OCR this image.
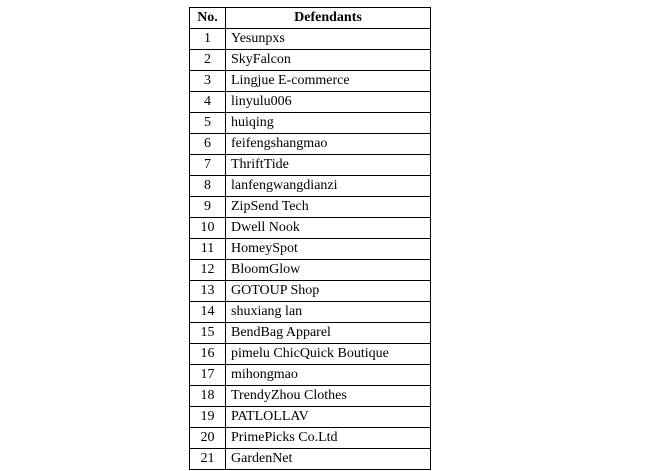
No.	Defendants
1	Yesunpxs
2	SkyFalcon
3	Lingjue E-commerce
4	linyulu006
5	huiqing
6	feifengshangmao
7	ThriftTide
8	lanfengwangdianzi
9	ZipSend Tech
10	Dwell Nook
11	HomeySpot
12	BloomGlow
13	GOTOUP Shop
14	shuxiang lan
15	BendBag Apparel
16	pimelu ChicQuick Boutique
17	mihongmao
18	TrendyZhou Clothes
19	PATLOLLAV
20	PrimePicks Co.Ltd
21	GardenNet
